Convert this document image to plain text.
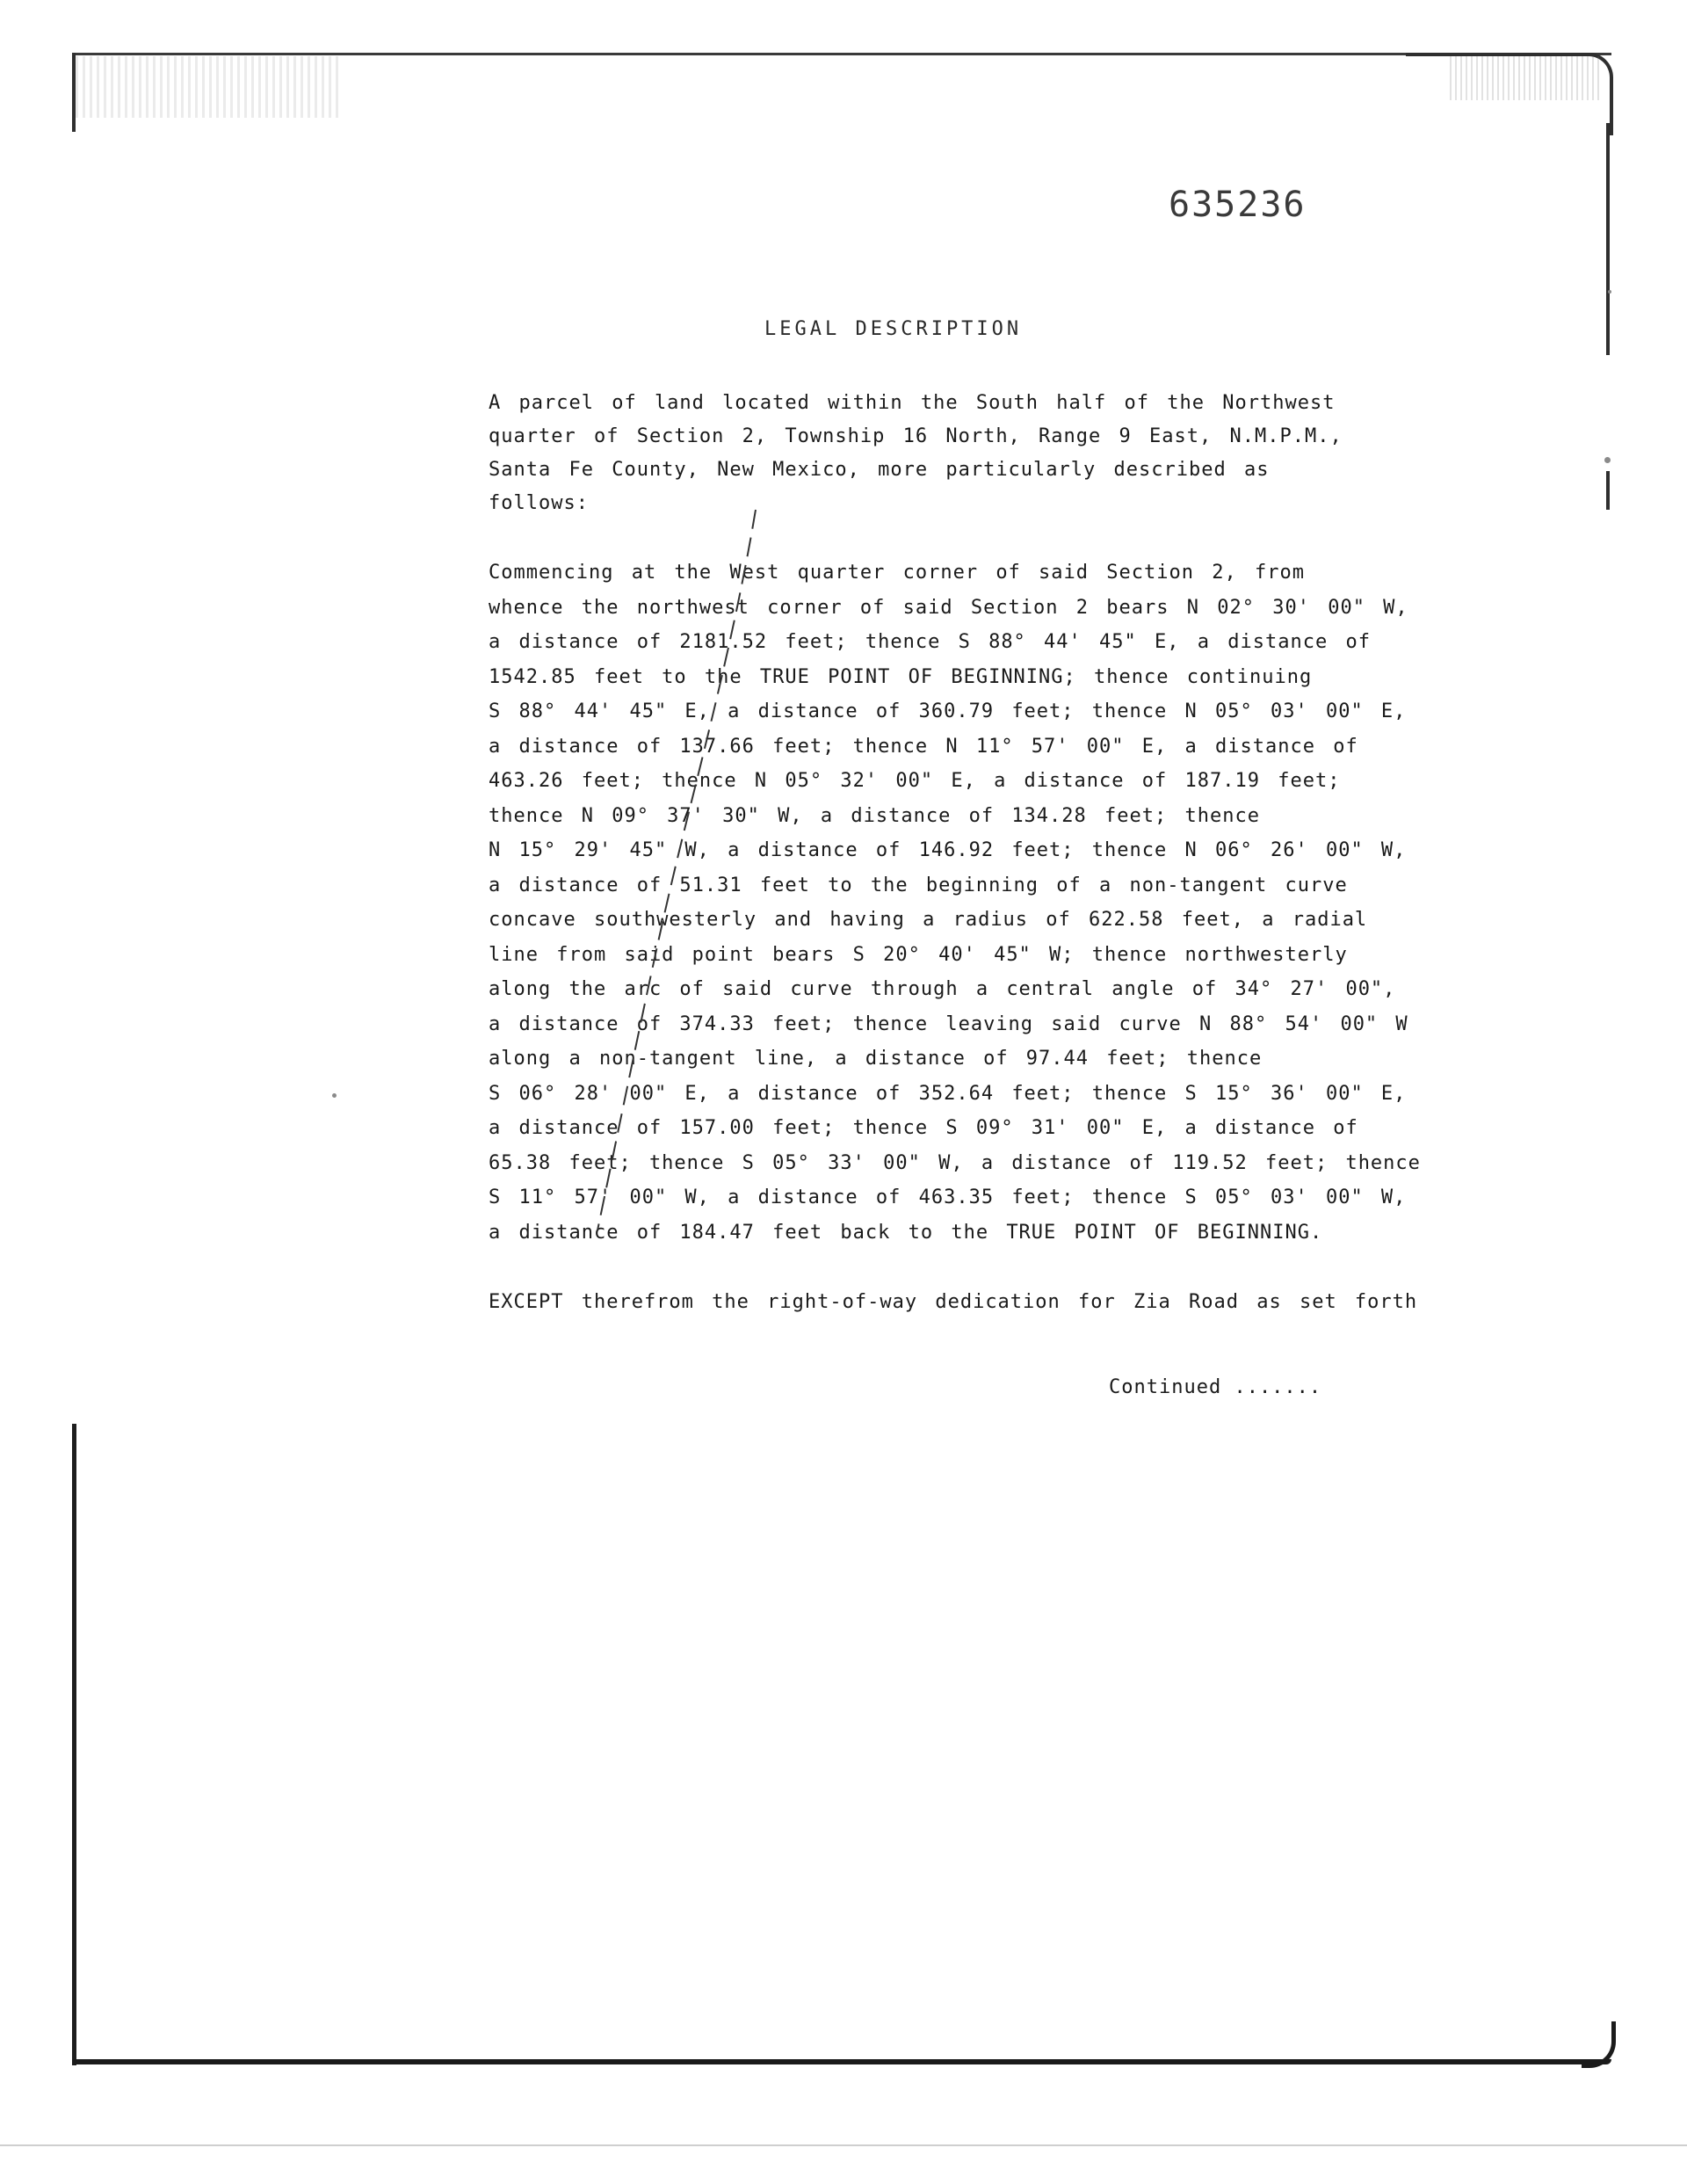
635236
LEGAL DESCRIPTION
A parcel of land located within the South half of the Northwest
quarter of Section 2, Township 16 North, Range 9 East, N.M.P.M.,
Santa Fe County, New Mexico, more particularly described as
follows:
Commencing at the West quarter corner of said Section 2, from
whence the northwest corner of said Section 2 bears N 02° 30' 00" W,
a distance of 2181.52 feet; thence S 88° 44' 45" E, a distance of
1542.85 feet to the TRUE POINT OF BEGINNING; thence continuing
S 88° 44' 45" E, a distance of 360.79 feet; thence N 05° 03' 00" E,
a distance of 137.66 feet; thence N 11° 57' 00" E, a distance of
463.26 feet; thence N 05° 32' 00" E, a distance of 187.19 feet;
thence N 09° 37' 30" W, a distance of 134.28 feet; thence
N 15° 29' 45" W, a distance of 146.92 feet; thence N 06° 26' 00" W,
a distance of 51.31 feet to the beginning of a non-tangent curve
concave southwesterly and having a radius of 622.58 feet, a radial
line from said point bears S 20° 40' 45" W; thence northwesterly
along the arc of said curve through a central angle of 34° 27' 00",
a distance of 374.33 feet; thence leaving said curve N 88° 54' 00" W
along a non-tangent line, a distance of 97.44 feet; thence
S 06° 28' 00" E, a distance of 352.64 feet; thence S 15° 36' 00" E,
a distance of 157.00 feet; thence S 09° 31' 00" E, a distance of
65.38 feet; thence S 05° 33' 00" W, a distance of 119.52 feet; thence
S 11° 57' 00" W, a distance of 463.35 feet; thence S 05° 03' 00" W,
a distance of 184.47 feet back to the TRUE POINT OF BEGINNING.
EXCEPT therefrom the right-of-way dedication for Zia Road as set forth
Continued .......
